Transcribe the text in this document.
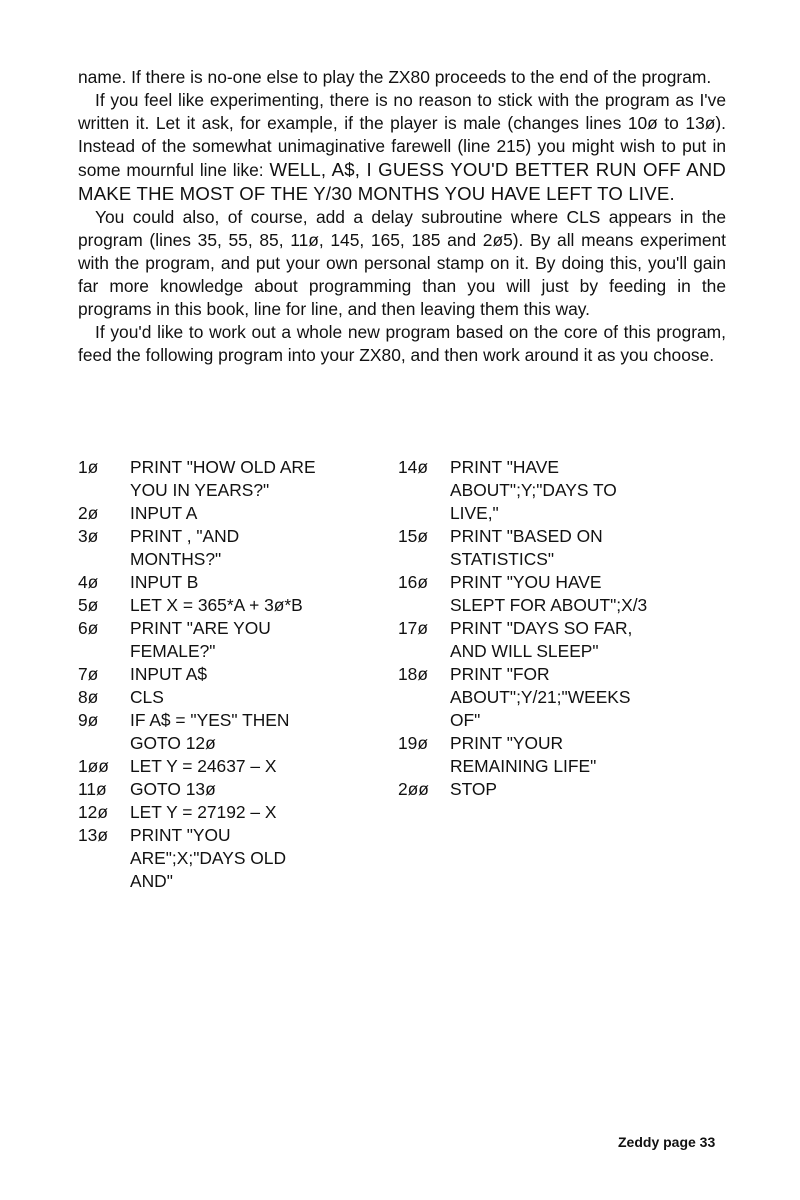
name. If there is no-one else to play the ZX80 proceeds to the end of the program.

If you feel like experimenting, there is no reason to stick with the program as I've written it. Let it ask, for example, if the player is male (changes lines 10ø to 13ø). Instead of the somewhat unimaginative farewell (line 215) you might wish to put in some mournful line like: WELL, A$, I GUESS YOU'D BETTER RUN OFF AND MAKE THE MOST OF THE Y/30 MONTHS YOU HAVE LEFT TO LIVE.

You could also, of course, add a delay subroutine where CLS appears in the program (lines 35, 55, 85, 11ø, 145, 165, 185 and 2ø5). By all means experiment with the program, and put your own personal stamp on it. By doing this, you'll gain far more knowledge about programming than you will just by feeding in the programs in this book, line for line, and then leaving them this way.

If you'd like to work out a whole new program based on the core of this program, feed the following program into your ZX80, and then work around it as you choose.

1ø	PRINT "HOW OLD ARE
YOU IN YEARS?"
2ø	INPUT A
3ø	PRINT , "AND
MONTHS?"
4ø	INPUT B
5ø	LET X = 365*A + 3ø*B
6ø	PRINT "ARE YOU
FEMALE?"
7ø	INPUT A$
8ø	CLS
9ø	IF A$ = "YES" THEN
GOTO 12ø
1øø	LET Y = 24637 – X
11ø	GOTO 13ø
12ø	LET Y = 27192 – X
13ø	PRINT "YOU
ARE";X;"DAYS OLD
AND"
14ø	PRINT "HAVE
ABOUT";Y;"DAYS TO
LIVE,"
15ø	PRINT "BASED ON
STATISTICS"
16ø	PRINT "YOU HAVE
SLEPT FOR ABOUT";X/3
17ø	PRINT "DAYS SO FAR,
AND WILL SLEEP"
18ø	PRINT "FOR
ABOUT";Y/21;"WEEKS
OF"
19ø	PRINT "YOUR
REMAINING LIFE"
2øø	STOP
Zeddy page 33
